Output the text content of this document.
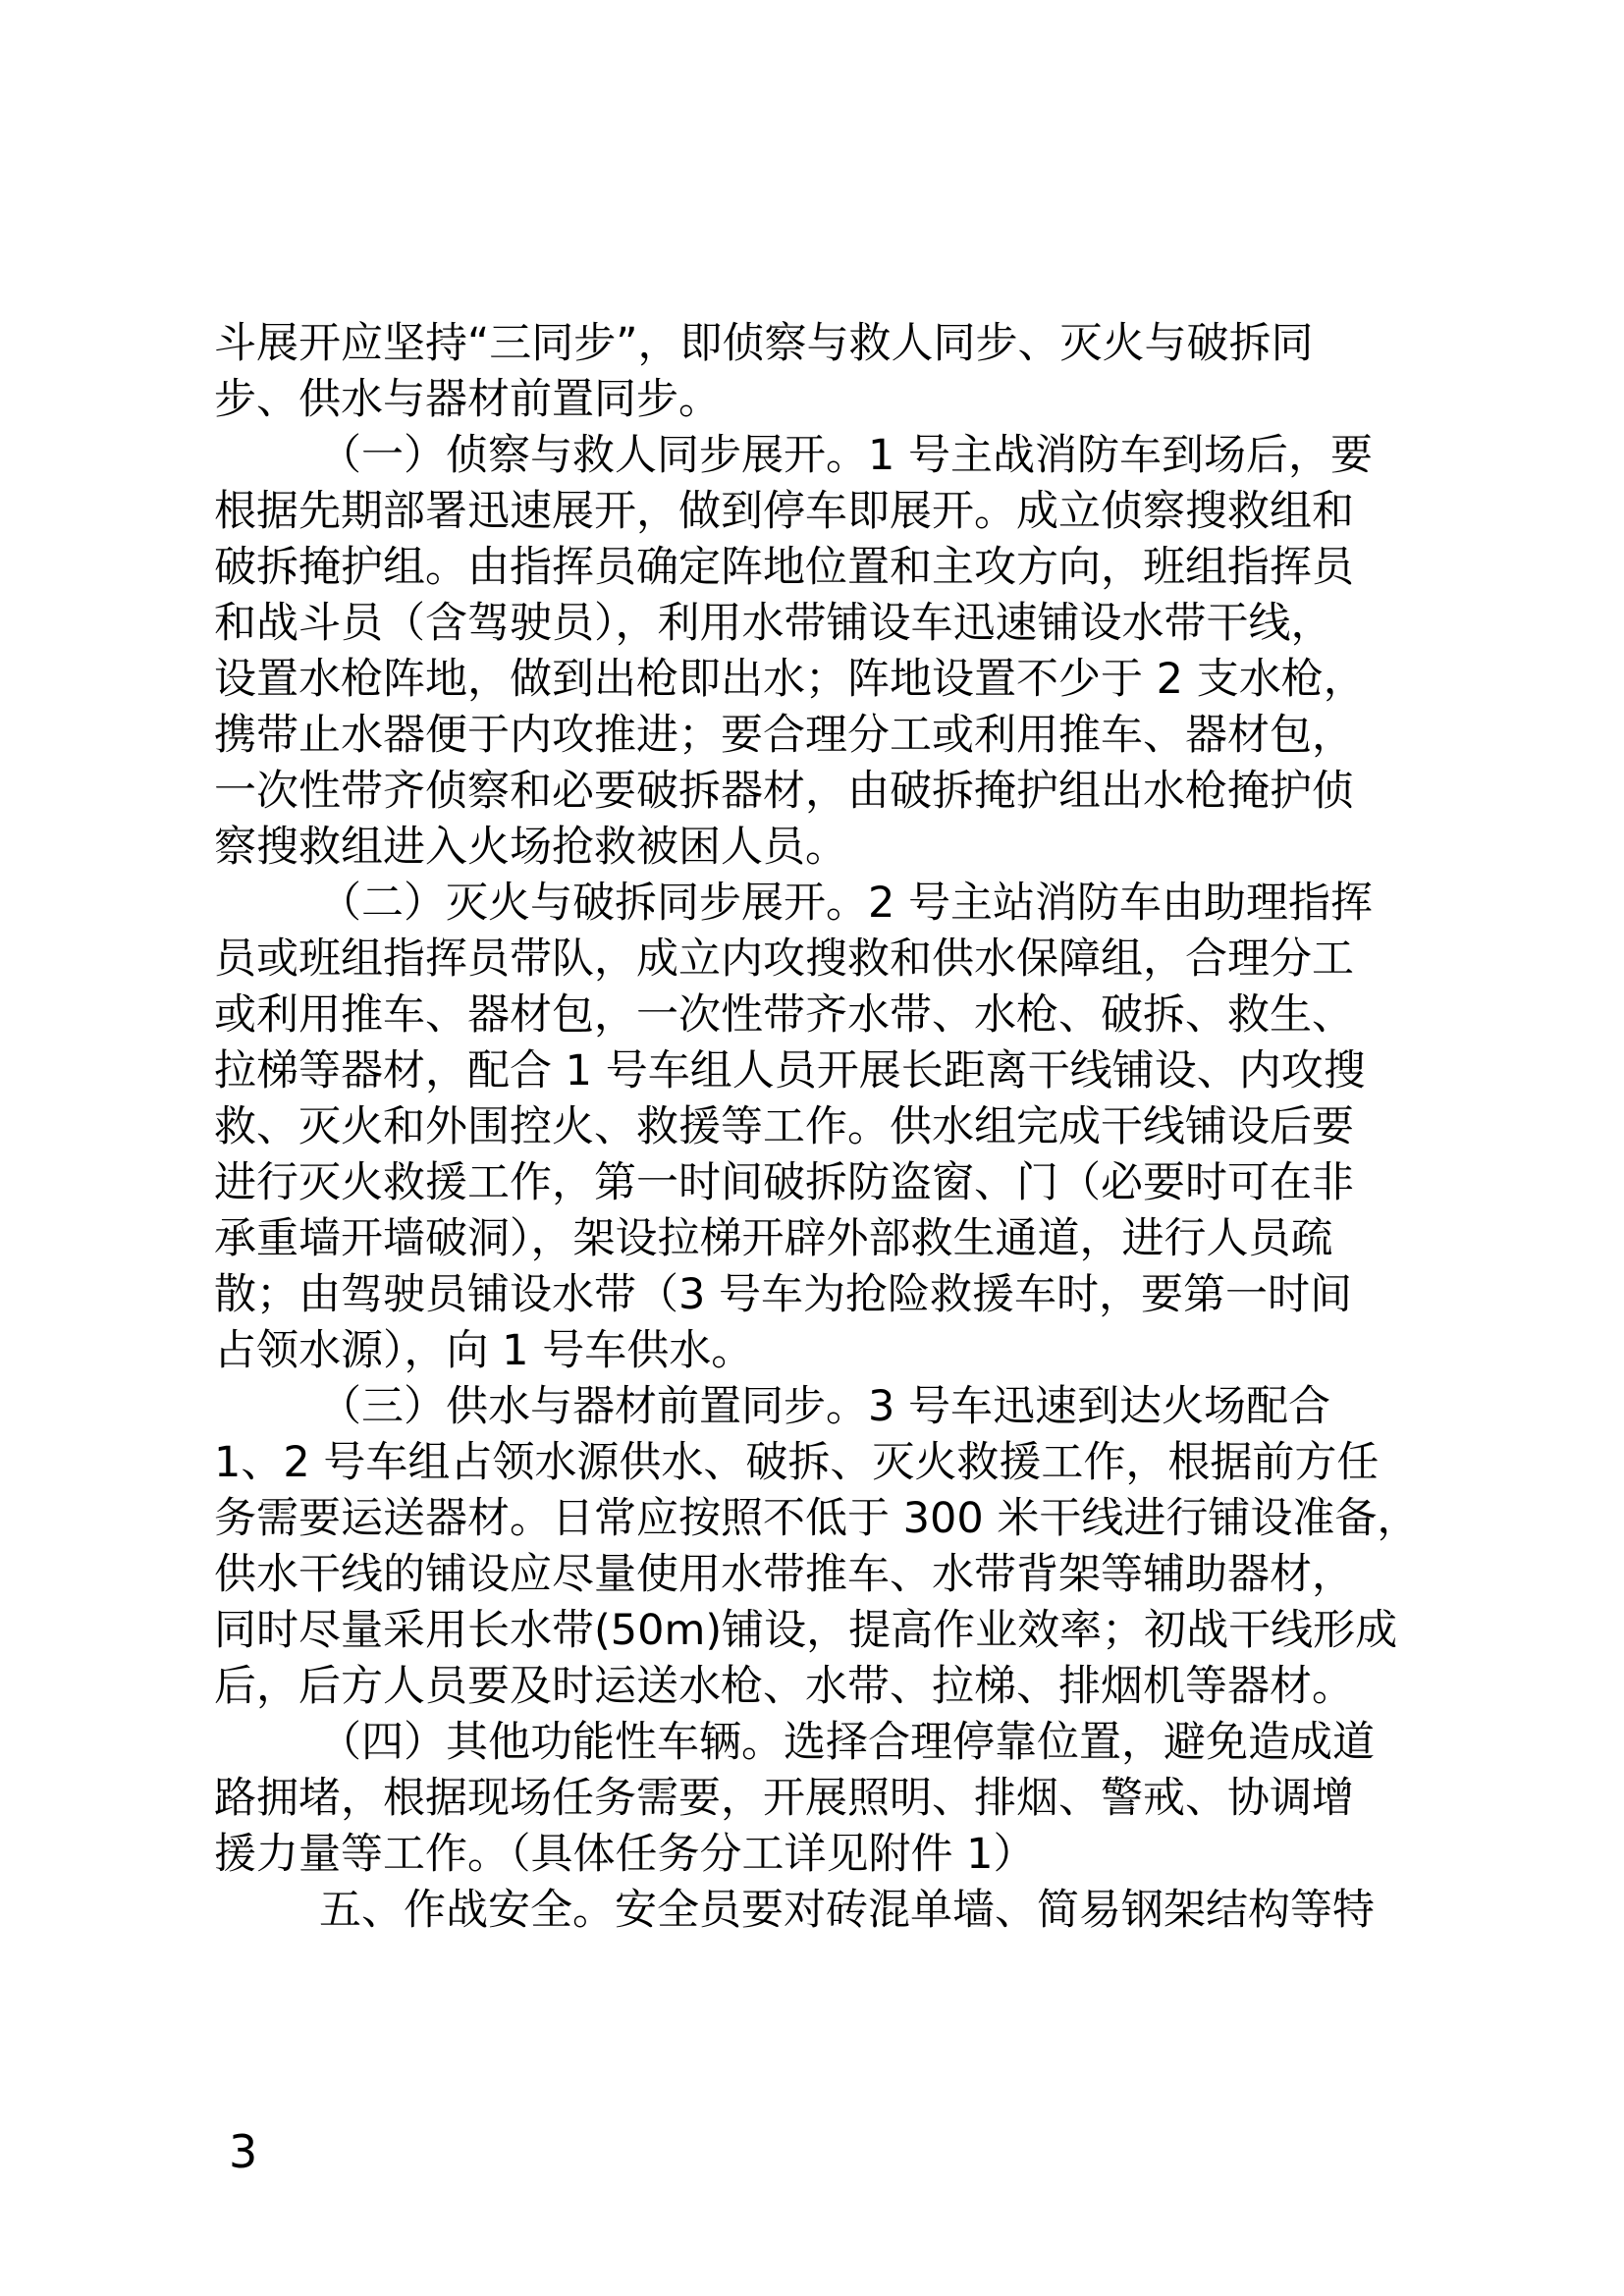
斗展开应坚持“三同步”，即侦察与救人同步、灭火与破拆同
步、供水与器材前置同步。
（一）侦察与救人同步展开。1 号主战消防车到场后，要
根据先期部署迅速展开，做到停车即展开。成立侦察搜救组和
破拆掩护组。由指挥员确定阵地位置和主攻方向，班组指挥员
和战斗员（含驾驶员），利用水带铺设车迅速铺设水带干线，
设置水枪阵地，做到出枪即出水；阵地设置不少于 2 支水枪，
携带止水器便于内攻推进；要合理分工或利用推车、器材包，
一次性带齐侦察和必要破拆器材，由破拆掩护组出水枪掩护侦
察搜救组进入火场抢救被困人员。
（二）灭火与破拆同步展开。2 号主站消防车由助理指挥
员或班组指挥员带队，成立内攻搜救和供水保障组，合理分工
或利用推车、器材包，一次性带齐水带、水枪、破拆、救生、
拉梯等器材，配合 1 号车组人员开展长距离干线铺设、内攻搜
救、灭火和外围控火、救援等工作。供水组完成干线铺设后要
进行灭火救援工作，第一时间破拆防盗窗、门（必要时可在非
承重墙开墙破洞），架设拉梯开辟外部救生通道，进行人员疏
散；由驾驶员铺设水带（3 号车为抢险救援车时，要第一时间
占领水源），向 1 号车供水。
（三）供水与器材前置同步。3 号车迅速到达火场配合
1、2 号车组占领水源供水、破拆、灭火救援工作，根据前方任
务需要运送器材。日常应按照不低于 300 米干线进行铺设准备，
供水干线的铺设应尽量使用水带推车、水带背架等辅助器材，
同时尽量采用长水带(50m)铺设，提高作业效率；初战干线形成
后，后方人员要及时运送水枪、水带、拉梯、排烟机等器材。
（四）其他功能性车辆。选择合理停靠位置，避免造成道
路拥堵，根据现场任务需要，开展照明、排烟、警戒、协调增
援力量等工作。（具体任务分工详见附件 1）
五、作战安全。安全员要对砖混单墙、简易钢架结构等特
3
